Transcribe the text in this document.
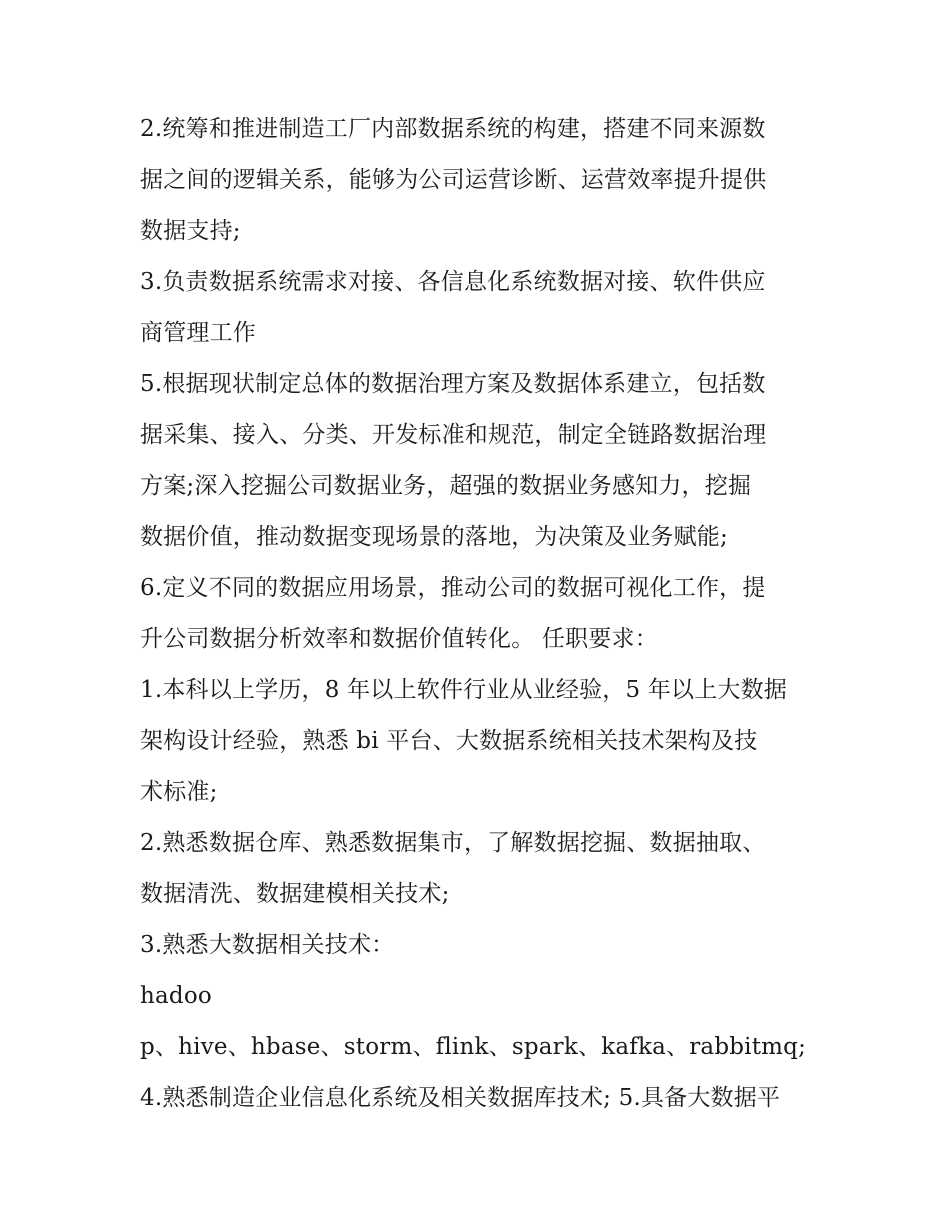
2.统筹和推进制造工厂内部数据系统的构建，搭建不同来源数
据之间的逻辑关系，能够为公司运营诊断、运营效率提升提供
数据支持;
3.负责数据系统需求对接、各信息化系统数据对接、软件供应
商管理工作
5.根据现状制定总体的数据治理方案及数据体系建立，包括数
据采集、接入、分类、开发标准和规范，制定全链路数据治理
方案;深入挖掘公司数据业务，超强的数据业务感知力，挖掘
数据价值，推动数据变现场景的落地，为决策及业务赋能;
6.定义不同的数据应用场景，推动公司的数据可视化工作，提
升公司数据分析效率和数据价值转化。 任职要求：
1.本科以上学历，8 年以上软件行业从业经验，5 年以上大数据
架构设计经验，熟悉 bi 平台、大数据系统相关技术架构及技
术标准;
2.熟悉数据仓库、熟悉数据集市，了解数据挖掘、数据抽取、
数据清洗、数据建模相关技术;
3.熟悉大数据相关技术：
hadoo
p、hive、hbase、storm、flink、spark、kafka、rabbitmq;
4.熟悉制造企业信息化系统及相关数据库技术; 5.具备大数据平
